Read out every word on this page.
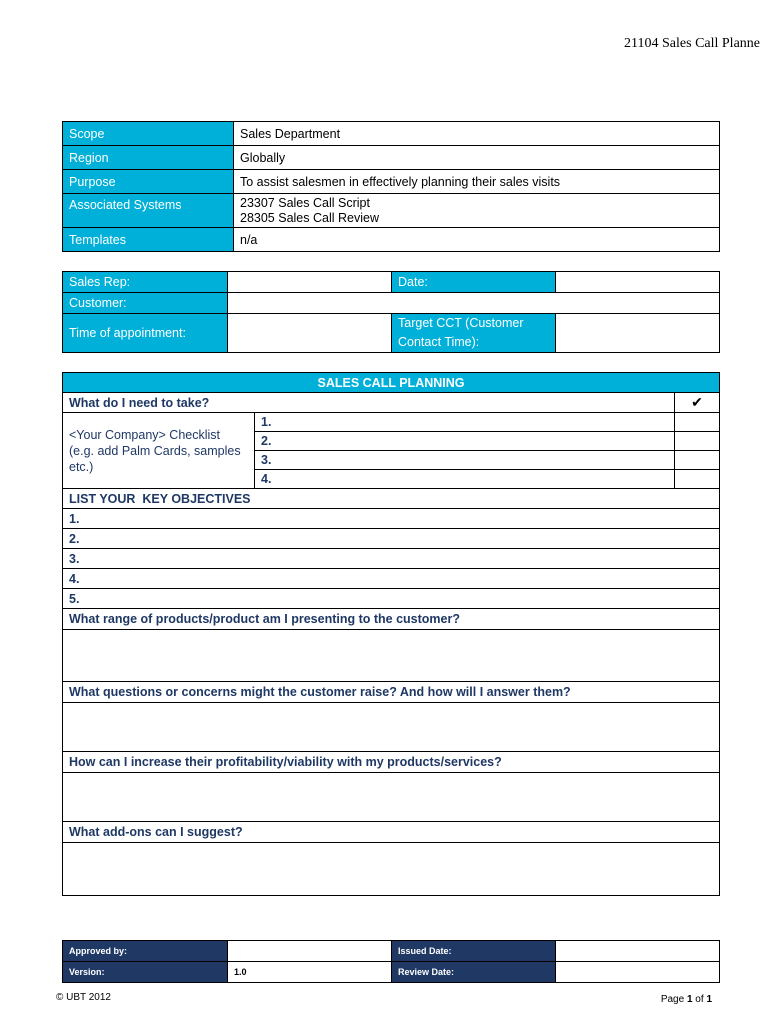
21104 Sales Call Planne
Scope	Sales Department
Region	Globally
Purpose	To assist salesmen in effectively planning their sales visits
Associated Systems	23307 Sales Call Script
28305 Sales Call Review

Templates	n/a
Sales Rep:		Date:	
Customer:			
Time of appointment:		Target CCT (Customer
Contact Time):	

SALES CALL PLANNING		
What do I need to take?		✔

<Your Company> Checklist
(e.g. add Palm Cards, samples
etc.)	1.	
	2.	
	3.	
	4.	
LIST YOUR  KEY OBJECTIVES		
1.		
2.		
3.		
4.		
5.		
What range of products/product am I presenting to the customer?		

What questions or concerns might the customer raise? And how will I answer them?		

How can I increase their profitability/viability with my products/services?		

What add-ons can I suggest?		

Approved by:		Issued Date:	
Version:	1.0	Review Date:	
© UBT 2012	Page 1 of 1
